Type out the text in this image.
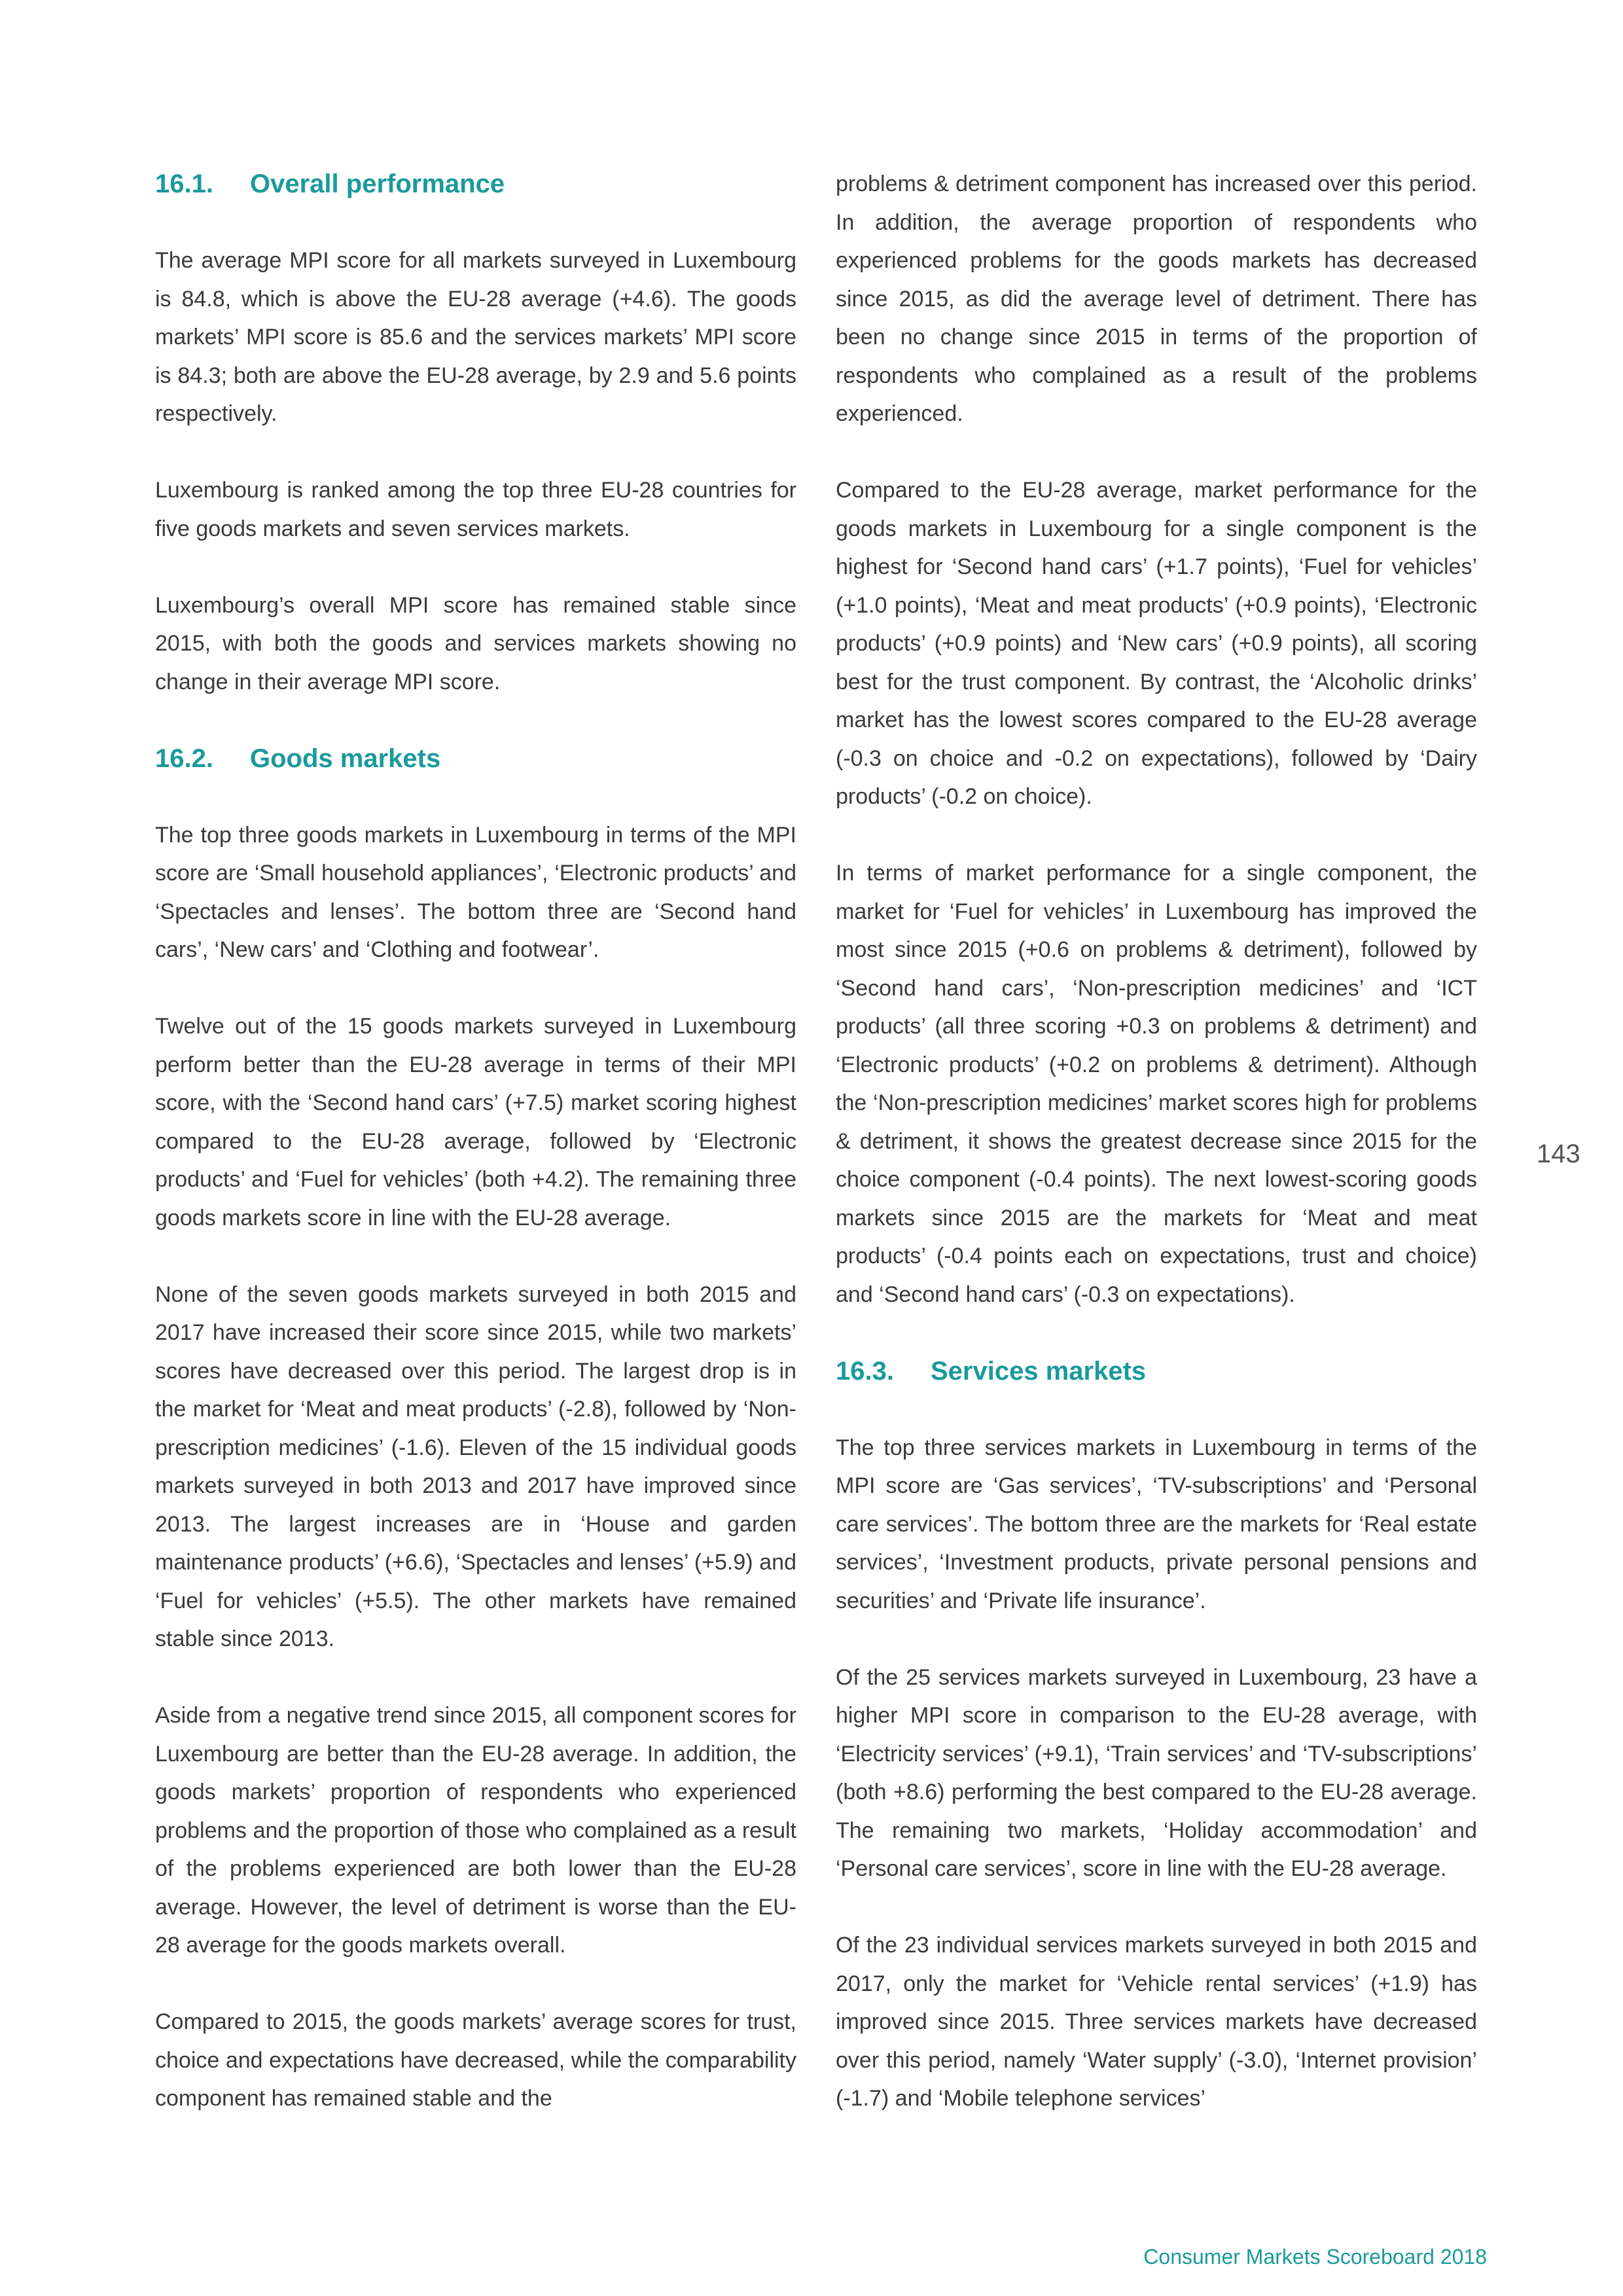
16.1. Overall performance

The average MPI score for all markets surveyed in Luxembourg is 84.8, which is above the EU-28 average (+4.6). The goods markets’ MPI score is 85.6 and the services markets’ MPI score is 84.3; both are above the EU-28 average, by 2.9 and 5.6 points respectively.

Luxembourg is ranked among the top three EU-28 countries for five goods markets and seven services markets.

Luxembourg’s overall MPI score has remained stable since 2015, with both the goods and services markets showing no change in their average MPI score.

16.2. Goods markets

The top three goods markets in Luxembourg in terms of the MPI score are ‘Small household appliances’, ‘Electronic products’ and ‘Spectacles and lenses’. The bottom three are ‘Second hand cars’, ‘New cars’ and ‘Clothing and footwear’.

Twelve out of the 15 goods markets surveyed in Luxembourg perform better than the EU-28 average in terms of their MPI score, with the ‘Second hand cars’ (+7.5) market scoring highest compared to the EU-28 average, followed by ‘Electronic products’ and ‘Fuel for vehicles’ (both +4.2). The remaining three goods markets score in line with the EU-28 average.

None of the seven goods markets surveyed in both 2015 and 2017 have increased their score since 2015, while two markets’ scores have decreased over this period. The largest drop is in the market for ‘Meat and meat products’ (-2.8), followed by ‘Non-prescription medicines’ (-1.6). Eleven of the 15 individual goods markets surveyed in both 2013 and 2017 have improved since 2013. The largest increases are in ‘House and garden maintenance products’ (+6.6), ‘Spectacles and lenses’ (+5.9) and ‘Fuel for vehicles’ (+5.5). The other markets have remained stable since 2013.

Aside from a negative trend since 2015, all component scores for Luxembourg are better than the EU-28 average. In addition, the goods markets’ proportion of respondents who experienced problems and the proportion of those who complained as a result of the problems experienced are both lower than the EU-28 average. However, the level of detriment is worse than the EU-28 average for the goods markets overall.

Compared to 2015, the goods markets’ average scores for trust, choice and expectations have decreased, while the comparability component has remained stable and the

problems & detriment component has increased over this period. In addition, the average proportion of respondents who experienced problems for the goods markets has decreased since 2015, as did the average level of detriment. There has been no change since 2015 in terms of the proportion of respondents who complained as a result of the problems experienced.

Compared to the EU-28 average, market performance for the goods markets in Luxembourg for a single component is the highest for ‘Second hand cars’ (+1.7 points), ‘Fuel for vehicles’ (+1.0 points), ‘Meat and meat products’ (+0.9 points), ‘Electronic products’ (+0.9 points) and ‘New cars’ (+0.9 points), all scoring best for the trust component. By contrast, the ‘Alcoholic drinks’ market has the lowest scores compared to the EU-28 average (-0.3 on choice and -0.2 on expectations), followed by ‘Dairy products’ (-0.2 on choice).

In terms of market performance for a single component, the market for ‘Fuel for vehicles’ in Luxembourg has improved the most since 2015 (+0.6 on problems & detriment), followed by ‘Second hand cars’, ‘Non-prescription medicines’ and ‘ICT products’ (all three scoring +0.3 on problems & detriment) and ‘Electronic products’ (+0.2 on problems & detriment). Although the ‘Non-prescription medicines’ market scores high for problems & detriment, it shows the greatest decrease since 2015 for the choice component (-0.4 points). The next lowest-scoring goods markets since 2015 are the markets for ‘Meat and meat products’ (-0.4 points each on expectations, trust and choice) and ‘Second hand cars’ (-0.3 on expectations).

16.3. Services markets

The top three services markets in Luxembourg in terms of the MPI score are ‘Gas services’, ‘TV-subscriptions’ and ‘Personal care services’. The bottom three are the markets for ‘Real estate services’, ‘Investment products, private personal pensions and securities’ and ‘Private life insurance’.

Of the 25 services markets surveyed in Luxembourg, 23 have a higher MPI score in comparison to the EU-28 average, with ‘Electricity services’ (+9.1), ‘Train services’ and ‘TV-subscriptions’ (both +8.6) performing the best compared to the EU-28 average. The remaining two markets, ‘Holiday accommodation’ and ‘Personal care services’, score in line with the EU-28 average.

Of the 23 individual services markets surveyed in both 2015 and 2017, only the market for ‘Vehicle rental services’ (+1.9) has improved since 2015. Three services markets have decreased over this period, namely ‘Water supply’ (-3.0), ‘Internet provision’ (-1.7) and ‘Mobile telephone services’

143
Consumer Markets Scoreboard 2018
